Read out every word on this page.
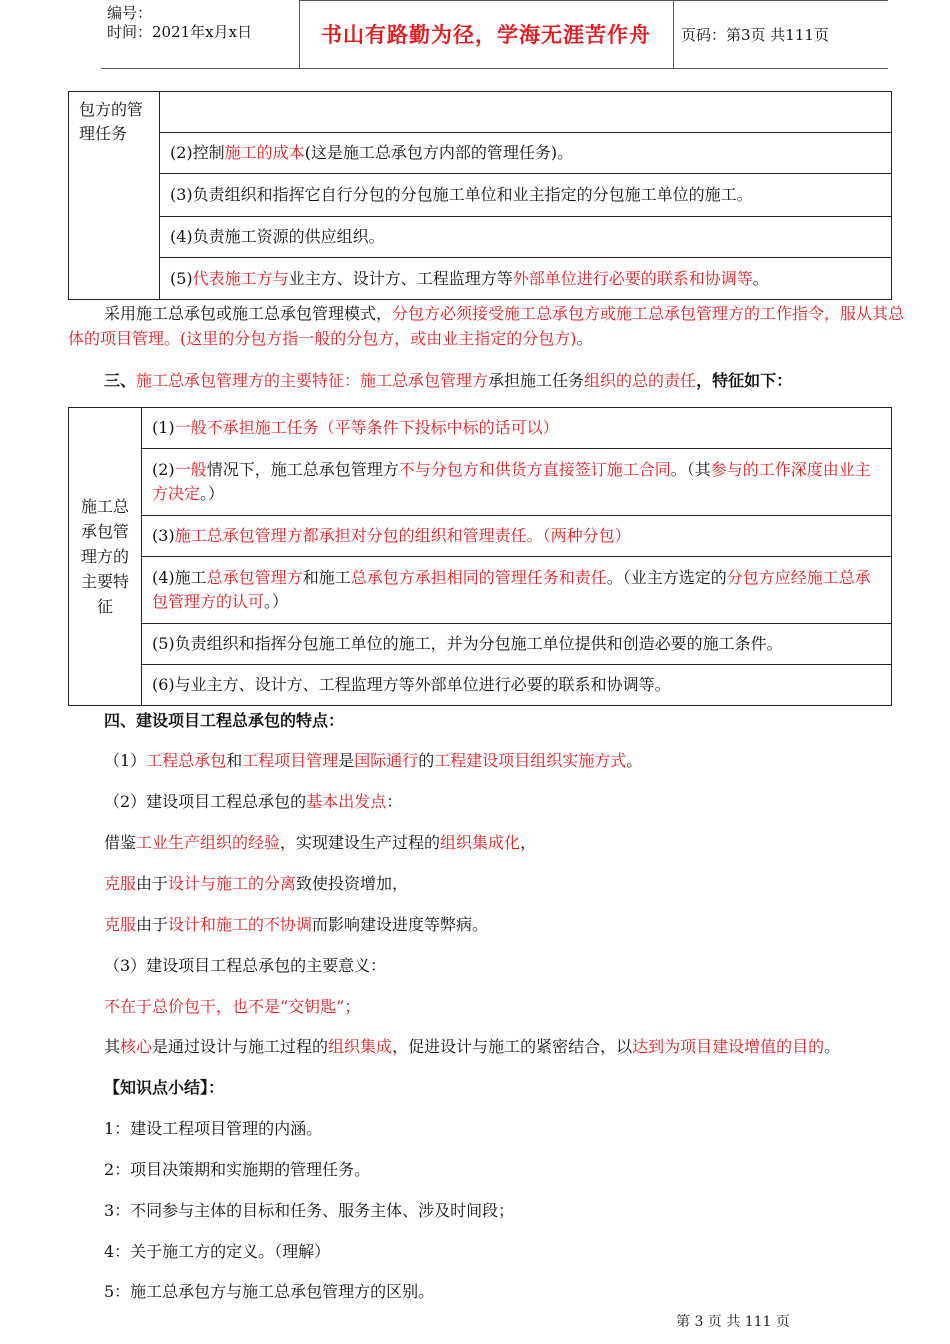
编号：
时间：2021年x月x日	书山有路勤为径，学海无涯苦作舟	页码：第3页 共111页
包方的管理任务	
(2)控制施工的成本(这是施工总承包方内部的管理任务)。
(3)负责组织和指挥它自行分包的分包施工单位和业主指定的分包施工单位的施工。
(4)负责施工资源的供应组织。
(5)代表施工方与业主方、设计方、工程监理方等外部单位进行必要的联系和协调等。
采用施工总承包或施工总承包管理模式，分包方必须接受施工总承包方或施工总承包管理方的工作指令，服从其总体的项目管理。(这里的分包方指一般的分包方，或由业主指定的分包方)。
三、施工总承包管理方的主要特征：施工总承包管理方承担施工任务组织的总的责任，特征如下：
施工总承包管理方的主要特征	(1)一般不承担施工任务（平等条件下投标中标的话可以）
(2)一般情况下，施工总承包管理方不与分包方和供货方直接签订施工合同。（其参与的工作深度由业主方决定。）
(3)施工总承包管理方都承担对分包的组织和管理责任。（两种分包）
(4)施工总承包管理方和施工总承包方承担相同的管理任务和责任。（业主方选定的分包方应经施工总承包管理方的认可。）
(5)负责组织和指挥分包施工单位的施工，并为分包施工单位提供和创造必要的施工条件。
(6)与业主方、设计方、工程监理方等外部单位进行必要的联系和协调等。
四、建设项目工程总承包的特点：
（1）工程总承包和工程项目管理是国际通行的工程建设项目组织实施方式。
（2）建设项目工程总承包的基本出发点：
借鉴工业生产组织的经验，实现建设生产过程的组织集成化，
克服由于设计与施工的分离致使投资增加，
克服由于设计和施工的不协调而影响建设进度等弊病。
（3）建设项目工程总承包的主要意义：
不在于总价包干，也不是“交钥匙”；
其核心是通过设计与施工过程的组织集成，促进设计与施工的紧密结合，以达到为项目建设增值的目的。
【知识点小结】：
1：建设工程项目管理的内涵。
2：项目决策期和实施期的管理任务。
3：不同参与主体的目标和任务、服务主体、涉及时间段；
4：关于施工方的定义。（理解）
5：施工总承包方与施工总承包管理方的区别。
第 3 页 共 111 页
